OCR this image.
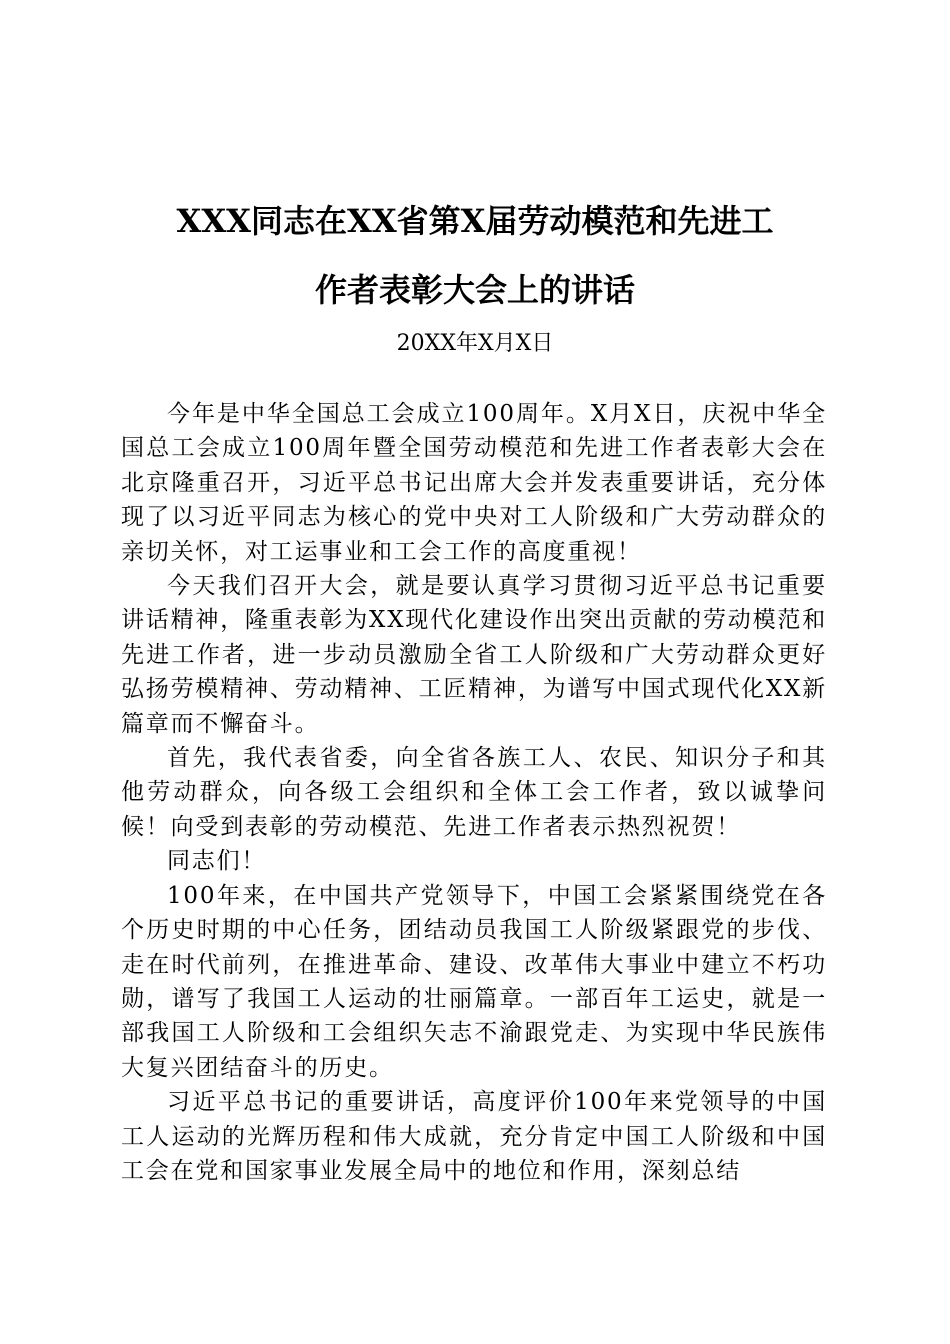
XXX同志在XX省第X届劳动模范和先进工
作者表彰大会上的讲话

20XX年X月X日

今年是中华全国总工会成立100周年。X月X日，庆祝中华全国总工会成立100周年暨全国劳动模范和先进工作者表彰大会在北京隆重召开，习近平总书记出席大会并发表重要讲话，充分体现了以习近平同志为核心的党中央对工人阶级和广大劳动群众的亲切关怀，对工运事业和工会工作的高度重视！

今天我们召开大会，就是要认真学习贯彻习近平总书记重要讲话精神，隆重表彰为XX现代化建设作出突出贡献的劳动模范和先进工作者，进一步动员激励全省工人阶级和广大劳动群众更好弘扬劳模精神、劳动精神、工匠精神，为谱写中国式现代化XX新篇章而不懈奋斗。

首先，我代表省委，向全省各族工人、农民、知识分子和其他劳动群众，向各级工会组织和全体工会工作者，致以诚挚问候！向受到表彰的劳动模范、先进工作者表示热烈祝贺！

同志们！

100年来，在中国共产党领导下，中国工会紧紧围绕党在各个历史时期的中心任务，团结动员我国工人阶级紧跟党的步伐、走在时代前列，在推进革命、建设、改革伟大事业中建立不朽功勋，谱写了我国工人运动的壮丽篇章。一部百年工运史，就是一部我国工人阶级和工会组织矢志不渝跟党走、为实现中华民族伟大复兴团结奋斗的历史。

习近平总书记的重要讲话，高度评价100年来党领导的中国工人运动的光辉历程和伟大成就，充分肯定中国工人阶级和中国工会在党和国家事业发展全局中的地位和作用，深刻总结
